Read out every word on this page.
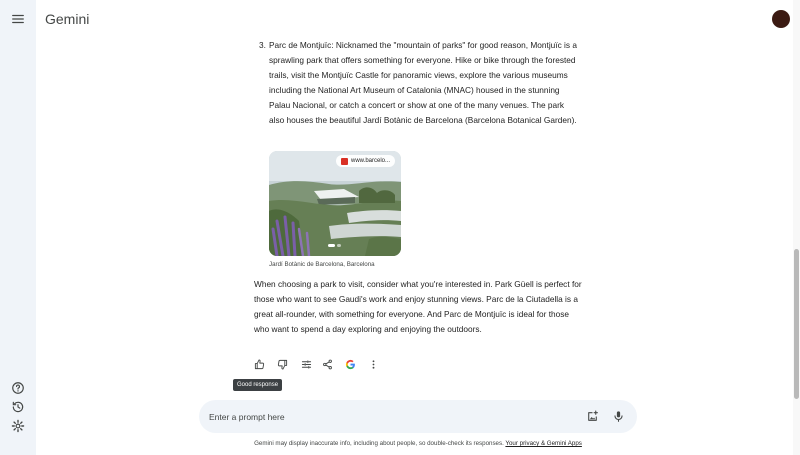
Gemini
3. Parc de Montjuïc: Nicknamed the "mountain of parks" for good reason, Montjuïc is a sprawling park that offers something for everyone. Hike or bike through the forested trails, visit the Montjuïc Castle for panoramic views, explore the various museums including the National Art Museum of Catalonia (MNAC) housed in the stunning Palau Nacional, or catch a concert or show at one of the many venues. The park also houses the beautiful Jardí Botànic de Barcelona (Barcelona Botanical Garden).
www.barcelo...
Jardí Botànic de Barcelona, Barcelona
When choosing a park to visit, consider what you're interested in. Park Güell is perfect for those who want to see Gaudi's work and enjoy stunning views. Parc de la Ciutadella is a great all-rounder, with something for everyone. And Parc de Montjuïc is ideal for those who want to spend a day exploring and enjoying the outdoors.
Good response
Enter a prompt here
Gemini may display inaccurate info, including about people, so double-check its responses. Your privacy & Gemini Apps
